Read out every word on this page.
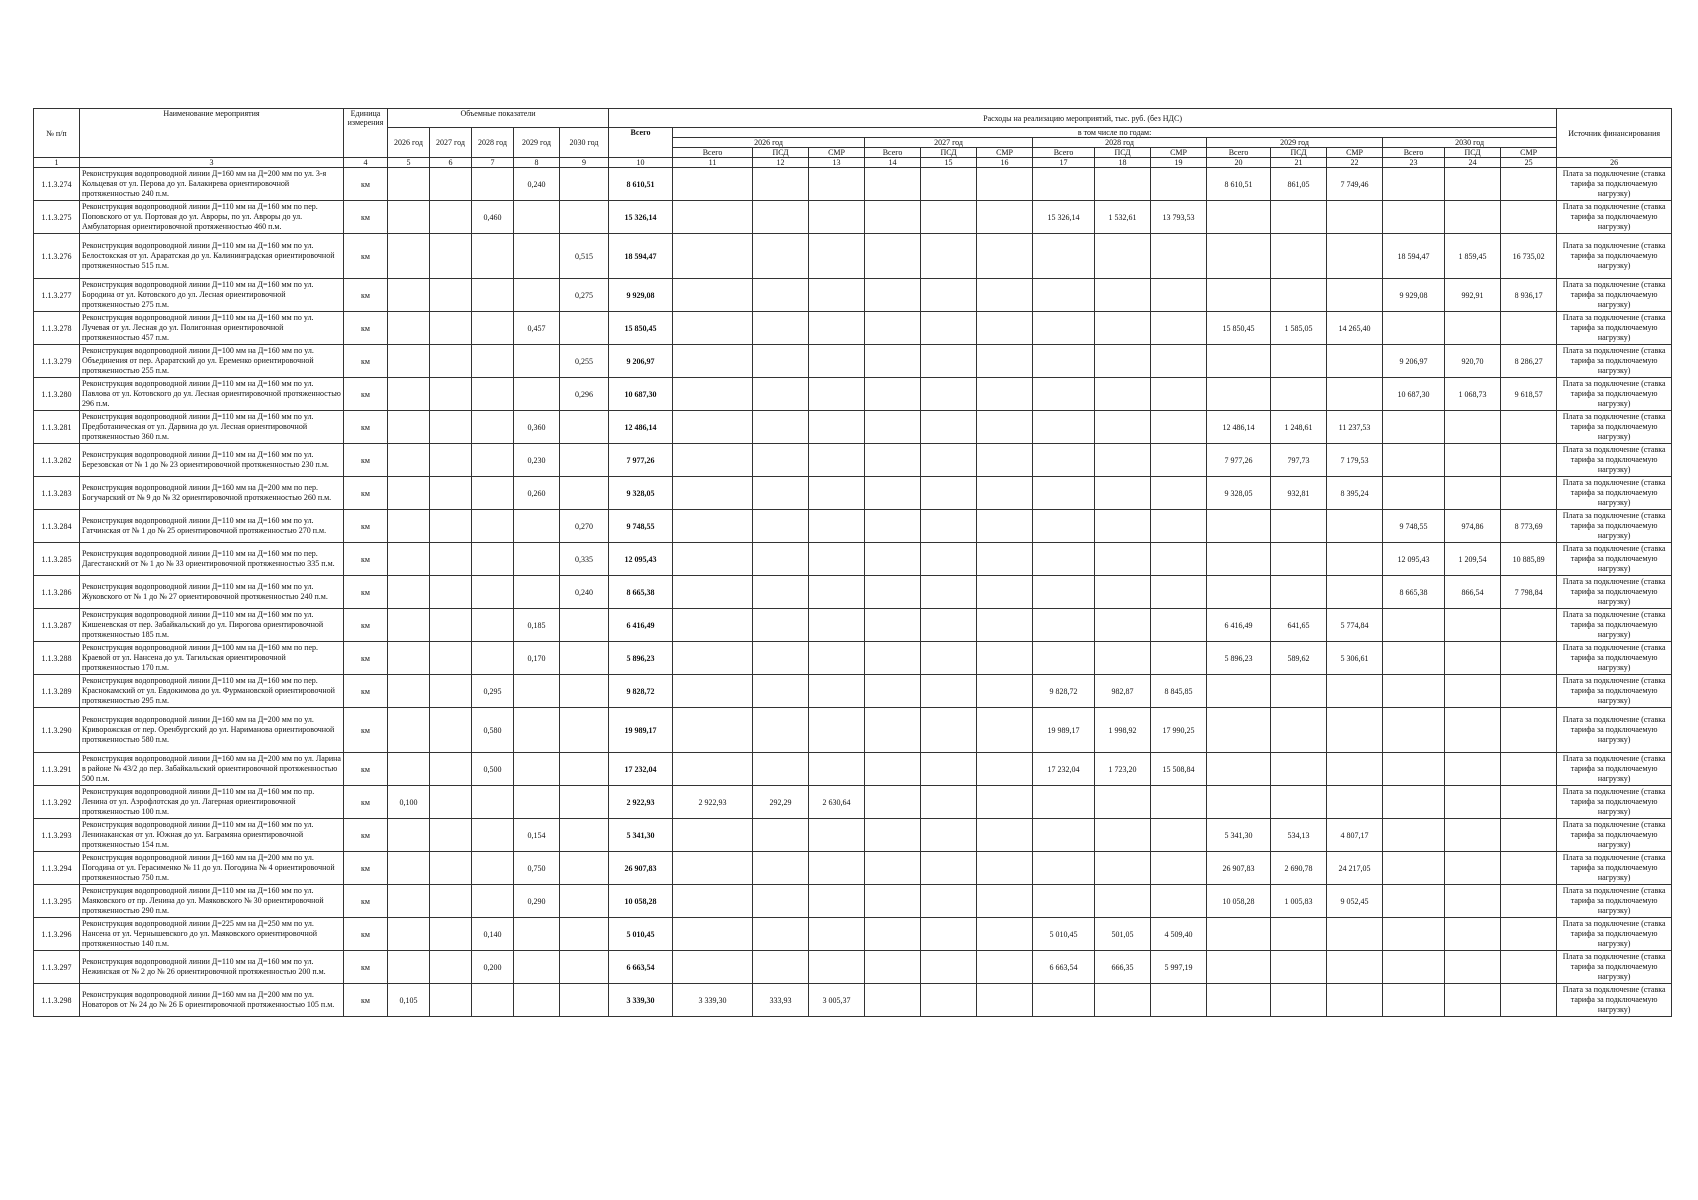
№ п/п	Наименование мероприятия	Единица измерения	Объемные показатели					Расходы на реализацию мероприятий, тыс. руб. (без НДС)																Источник финансирования
			2026 год	2027 год	2028 год	2029 год	2030 год	Всего	в том числе по годам:															
									2026 год			2027 год			2028 год			2029 год			2030 год			
									Всего	ПСД	СМР	Всего	ПСД	СМР	Всего	ПСД	СМР	Всего	ПСД	СМР	Всего	ПСД	СМР	
1	3	4	5	6	7	8	9	10	11	12	13	14	15	16	17	18	19	20	21	22	23	24	25	26
1.1.3.274	Реконструкция водопроводной линии Д=160 мм на Д=200 мм по ул. 3-я Кольцевая от ул. Перова до ул. Балакирева ориентировочной протяженностью 240 п.м.	км				0,240		8 610,51										8 610,51	861,05	7 749,46				Плата за подключение (ставка тарифа за подключаемую нагрузку)
1.1.3.275	Реконструкция водопроводной линии Д=110 мм на Д=160 мм по пер. Поповского от ул. Портовая до ул. Авроры, по ул. Авроры до ул. Амбулаторная ориентировочной протяженностью 460 п.м.	км			0,460			15 326,14							15 326,14	1 532,61	13 793,53							Плата за подключение (ставка тарифа за подключаемую нагрузку)
1.1.3.276	Реконструкция водопроводной линии Д=110 мм на Д=160 мм по ул. Белостокская от ул. Араратская до ул. Калининградская ориентировочной протяженностью 515 п.м.	км					0,515	18 594,47													18 594,47	1 859,45	16 735,02	Плата за подключение (ставка тарифа за подключаемую нагрузку)
1.1.3.277	Реконструкция водопроводной линии Д=110 мм на Д=160 мм по ул. Бородина от ул. Котовского до ул. Лесная ориентировочной протяженностью 275 п.м.	км					0,275	9 929,08													9 929,08	992,91	8 936,17	Плата за подключение (ставка тарифа за подключаемую нагрузку)
1.1.3.278	Реконструкция водопроводной линии Д=110 мм на Д=160 мм по ул. Лучевая от ул. Лесная до ул. Полигонная ориентировочной протяженностью 457 п.м.	км				0,457		15 850,45										15 850,45	1 585,05	14 265,40				Плата за подключение (ставка тарифа за подключаемую нагрузку)
1.1.3.279	Реконструкция водопроводной линии Д=100 мм на Д=160 мм по ул. Объединения от пер. Араратский до ул. Еременко ориентировочной протяженностью 255 п.м.	км					0,255	9 206,97													9 206,97	920,70	8 286,27	Плата за подключение (ставка тарифа за подключаемую нагрузку)
1.1.3.280	Реконструкция водопроводной линии Д=110 мм на Д=160 мм по ул. Павлова от ул. Котовского до ул. Лесная ориентировочной протяженностью 296 п.м.	км					0,296	10 687,30													10 687,30	1 068,73	9 618,57	Плата за подключение (ставка тарифа за подключаемую нагрузку)
1.1.3.281	Реконструкция водопроводной линии Д=110 мм на Д=160 мм по ул. Предботаническая от ул. Дарвина до ул. Лесная ориентировочной протяженностью 360 п.м.	км				0,360		12 486,14										12 486,14	1 248,61	11 237,53				Плата за подключение (ставка тарифа за подключаемую нагрузку)
1.1.3.282	Реконструкция водопроводной линии Д=110 мм на Д=160 мм по ул. Березовская от № 1 до № 23 ориентировочной протяженностью 230 п.м.	км				0,230		7 977,26										7 977,26	797,73	7 179,53				Плата за подключение (ставка тарифа за подключаемую нагрузку)
1.1.3.283	Реконструкция водопроводной линии Д=160 мм на Д=200 мм по пер. Богучарский от № 9 до № 32 ориентировочной протяженностью 260 п.м.	км				0,260		9 328,05										9 328,05	932,81	8 395,24				Плата за подключение (ставка тарифа за подключаемую нагрузку)
1.1.3.284	Реконструкция водопроводной линии Д=110 мм на Д=160 мм по ул. Гатчинская от № 1 до № 25 ориентировочной протяженностью 270 п.м.	км					0,270	9 748,55													9 748,55	974,86	8 773,69	Плата за подключение (ставка тарифа за подключаемую нагрузку)
1.1.3.285	Реконструкция водопроводной линии Д=110 мм на Д=160 мм по пер. Дагестанский от № 1 до № 33 ориентировочной протяженностью 335 п.м.	км					0,335	12 095,43													12 095,43	1 209,54	10 885,89	Плата за подключение (ставка тарифа за подключаемую нагрузку)
1.1.3.286	Реконструкция водопроводной линии Д=110 мм на Д=160 мм по ул. Жуковского от № 1 до № 27 ориентировочной протяженностью 240 п.м.	км					0,240	8 665,38													8 665,38	866,54	7 798,84	Плата за подключение (ставка тарифа за подключаемую нагрузку)
1.1.3.287	Реконструкция водопроводной линии Д=110 мм на Д=160 мм по ул. Кишеневская от пер. Забайкальский до ул. Пирогова ориентировочной протяженностью 185 п.м.	км				0,185		6 416,49										6 416,49	641,65	5 774,84				Плата за подключение (ставка тарифа за подключаемую нагрузку)
1.1.3.288	Реконструкция водопроводной линии Д=100 мм на Д=160 мм по пер. Краевой от ул. Нансена до ул. Тагильская ориентировочной протяженностью 170 п.м.	км				0,170		5 896,23										5 896,23	589,62	5 306,61				Плата за подключение (ставка тарифа за подключаемую нагрузку)
1.1.3.289	Реконструкция водопроводной линии Д=110 мм на Д=160 мм по пер. Краснокамский от ул. Евдокимова до ул. Фурмановской ориентировочной протяженностью 295 п.м.	км			0,295			9 828,72							9 828,72	982,87	8 845,85							Плата за подключение (ставка тарифа за подключаемую нагрузку)
1.1.3.290	Реконструкция водопроводной линии Д=160 мм на Д=200 мм по ул. Криворожская от пер. Оренбургский до ул. Нариманова ориентировочной протяженностью 580 п.м.	км			0,580			19 989,17							19 989,17	1 998,92	17 990,25							Плата за подключение (ставка тарифа за подключаемую нагрузку)
1.1.3.291	Реконструкция водопроводной линии Д=160 мм на Д=200 мм по ул. Ларина в районе № 43/2 до пер. Забайкальский ориентировочной протяженностью 500 п.м.	км			0,500			17 232,04							17 232,04	1 723,20	15 508,84							Плата за подключение (ставка тарифа за подключаемую нагрузку)
1.1.3.292	Реконструкция водопроводной линии Д=110 мм на Д=160 мм по пр. Ленина от ул. Аэрофлотская до ул. Лагерная ориентировочной протяженностью 100 п.м.	км	0,100					2 922,93	2 922,93	292,29	2 630,64													Плата за подключение (ставка тарифа за подключаемую нагрузку)
1.1.3.293	Реконструкция водопроводной линии Д=110 мм на Д=160 мм по ул. Ленинаканская от ул. Южная до ул. Баграмяна ориентировочной протяженностью 154 п.м.	км				0,154		5 341,30										5 341,30	534,13	4 807,17				Плата за подключение (ставка тарифа за подключаемую нагрузку)
1.1.3.294	Реконструкция водопроводной линии Д=160 мм на Д=200 мм по ул. Погодина от ул. Герасименко № 11 до ул. Погодина № 4 ориентировочной протяженностью 750 п.м.	км				0,750		26 907,83										26 907,83	2 690,78	24 217,05				Плата за подключение (ставка тарифа за подключаемую нагрузку)
1.1.3.295	Реконструкция водопроводной линии Д=110 мм на Д=160 мм по ул. Маяковского от пр. Ленина до ул. Маяковского № 30 ориентировочной протяженностью 290 п.м.	км				0,290		10 058,28										10 058,28	1 005,83	9 052,45				Плата за подключение (ставка тарифа за подключаемую нагрузку)
1.1.3.296	Реконструкция водопроводной линии Д=225 мм на Д=250 мм по ул. Нансена от ул. Чернышевского до ул. Маяковского ориентировочной протяженностью 140 п.м.	км			0,140			5 010,45							5 010,45	501,05	4 509,40							Плата за подключение (ставка тарифа за подключаемую нагрузку)
1.1.3.297	Реконструкция водопроводной линии Д=110 мм на Д=160 мм по ул. Нежинская от № 2 до № 26 ориентировочной протяженностью 200 п.м.	км			0,200			6 663,54							6 663,54	666,35	5 997,19							Плата за подключение (ставка тарифа за подключаемую нагрузку)
1.1.3.298	Реконструкция водопроводной линии Д=160 мм на Д=200 мм по ул. Новаторов от № 24 до № 26 Б ориентировочной протяженностью 105 п.м.	км	0,105					3 339,30	3 339,30	333,93	3 005,37													Плата за подключение (ставка тарифа за подключаемую нагрузку)
